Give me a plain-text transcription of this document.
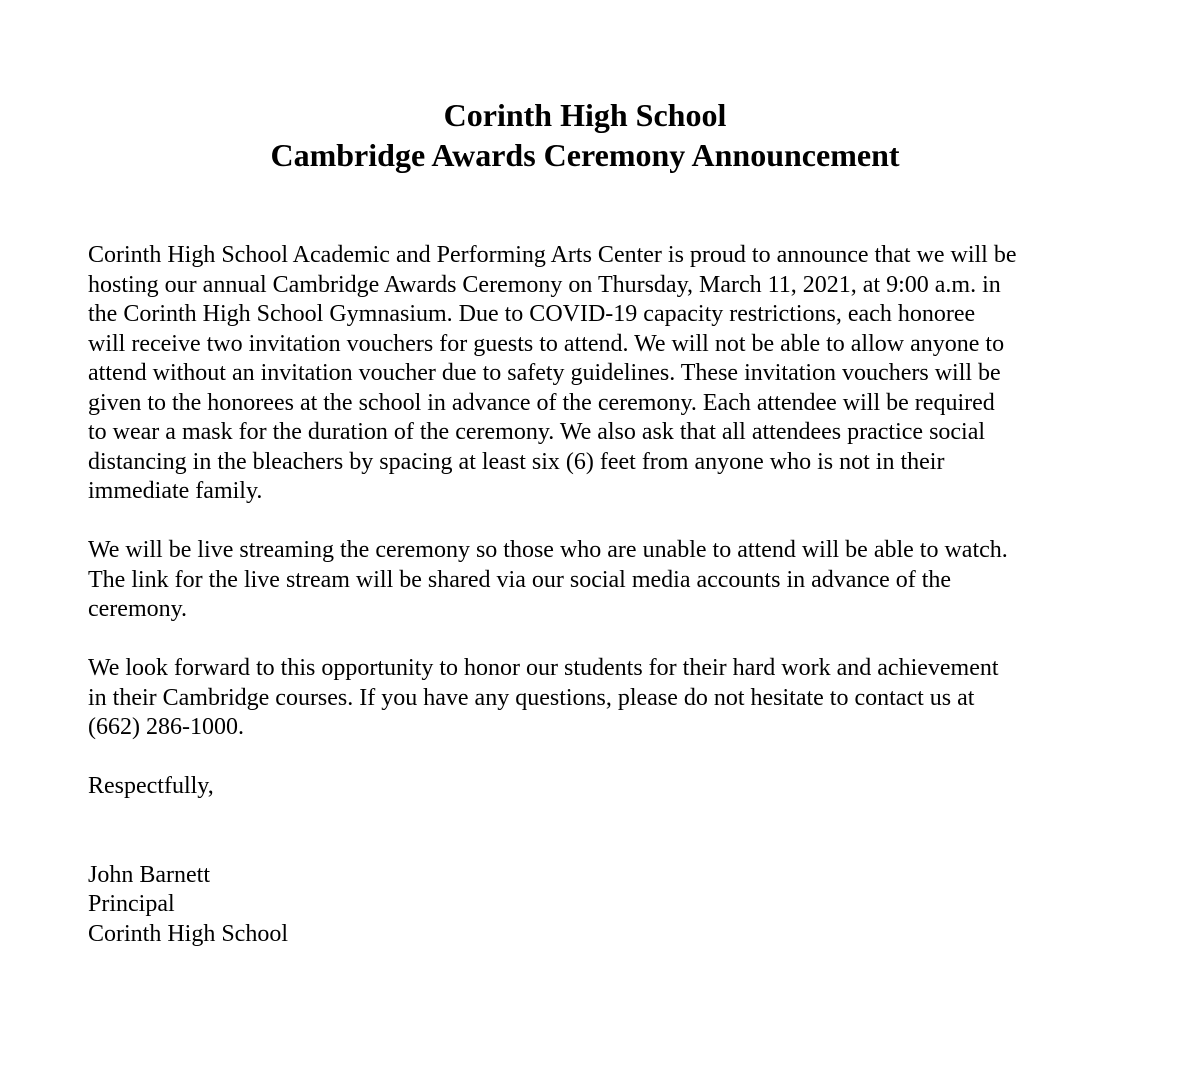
Corinth High School
Cambridge Awards Ceremony Announcement
Corinth High School Academic and Performing Arts Center is proud to announce that we will be
hosting our annual Cambridge Awards Ceremony on Thursday, March 11, 2021, at 9:00 a.m. in
the Corinth High School Gymnasium. Due to COVID-19 capacity restrictions, each honoree
will receive two invitation vouchers for guests to attend. We will not be able to allow anyone to
attend without an invitation voucher due to safety guidelines. These invitation vouchers will be
given to the honorees at the school in advance of the ceremony. Each attendee will be required
to wear a mask for the duration of the ceremony. We also ask that all attendees practice social
distancing in the bleachers by spacing at least six (6) feet from anyone who is not in their
immediate family.
We will be live streaming the ceremony so those who are unable to attend will be able to watch.
The link for the live stream will be shared via our social media accounts in advance of the
ceremony.
We look forward to this opportunity to honor our students for their hard work and achievement
in their Cambridge courses. If you have any questions, please do not hesitate to contact us at
(662) 286-1000.
Respectfully,
John Barnett
Principal
Corinth High School
